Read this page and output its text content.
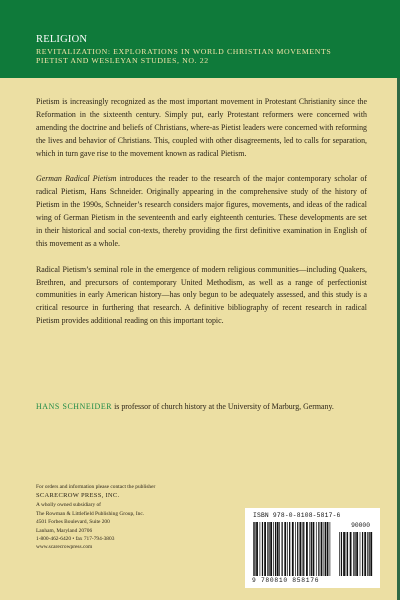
RELIGION
REVITALIZATION: EXPLORATIONS IN WORLD CHRISTIAN MOVEMENTS
PIETIST AND WESLEYAN STUDIES, NO. 22

Pietism is increasingly recognized as the most important movement in Protestant Christianity since the Reformation in the sixteenth century. Simply put, early Protestant reformers were concerned with amending the doctrine and beliefs of Christians, where-as Pietist leaders were concerned with reforming the lives and behavior of Christians. This, coupled with other disagreements, led to calls for separation, which in turn gave rise to the movement known as radical Pietism.

German Radical Pietism introduces the reader to the research of the major contemporary scholar of radical Pietism, Hans Schneider. Originally appearing in the comprehensive study of the history of Pietism in the 1990s, Schneider’s research considers major figures, movements, and ideas of the radical wing of German Pietism in the seventeenth and early eighteenth centuries. These developments are set in their historical and social con-texts, thereby providing the first definitive examination in English of this movement as a whole.

Radical Pietism’s seminal role in the emergence of modern religious communities—including Quakers, Brethren, and precursors of contemporary United Methodism, as well as a range of perfectionist communities in early American history—has only begun to be adequately assessed, and this study is a critical resource in furthering that research. A definitive bibliography of recent research in radical Pietism provides additional reading on this important topic.

HANS SCHNEIDER is professor of church history at the University of Marburg, Germany.
For orders and information please contact the publisher
SCARECROW PRESS, INC.
A wholly owned subsidiary of
The Rowman & Littlefield Publishing Group, Inc.
4501 Forbes Boulevard, Suite 200
Lanham, Maryland 20706
1-800-462-6420 • fax 717-794-3803
www.scarecrowpress.com
ISBN 978-0-8108-5817-6
90000
9 780810 858176
